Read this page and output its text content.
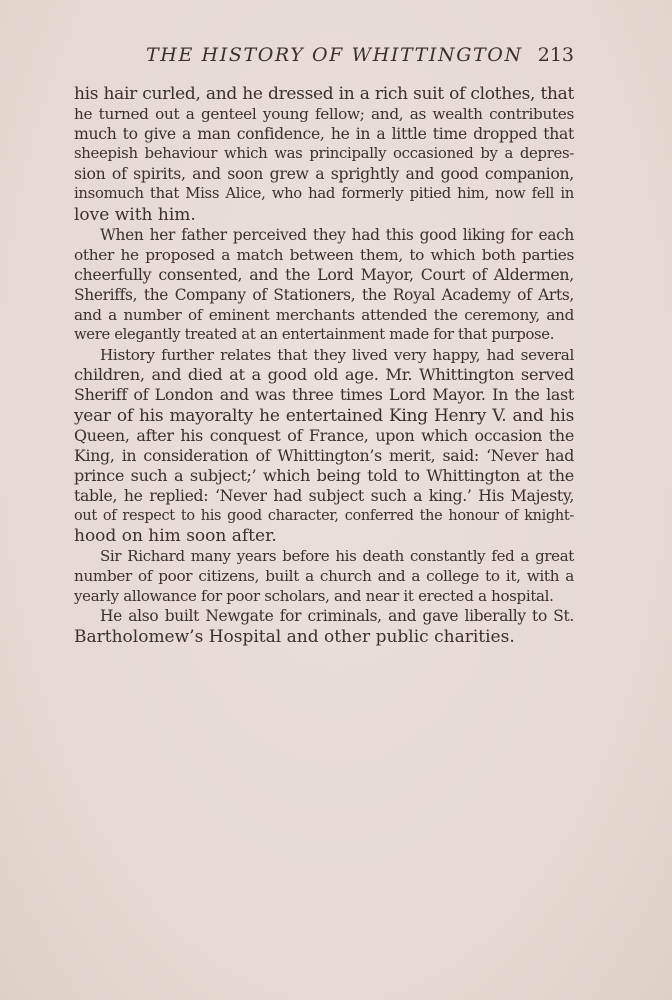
THE HISTORY OF WHITTINGTON 213
his hair curled, and he dressed in a rich suit of clothes, that
he turned out a genteel young fellow; and, as wealth contributes
much to give a man confidence, he in a little time dropped that
sheepish behaviour which was principally occasioned by a depres-
sion of spirits, and soon grew a sprightly and good companion,
insomuch that Miss Alice, who had formerly pitied him, now fell in
love with him.
When her father perceived they had this good liking for each
other he proposed a match between them, to which both parties
cheerfully consented, and the Lord Mayor, Court of Aldermen,
Sheriffs, the Company of Stationers, the Royal Academy of Arts,
and a number of eminent merchants attended the ceremony, and
were elegantly treated at an entertainment made for that purpose.
History further relates that they lived very happy, had several
children, and died at a good old age. Mr. Whittington served
Sheriff of London and was three times Lord Mayor. In the last
year of his mayoralty he entertained King Henry V. and his
Queen, after his conquest of France, upon which occasion the
King, in consideration of Whittington’s merit, said: ‘Never had
prince such a subject;’ which being told to Whittington at the
table, he replied: ‘Never had subject such a king.’ His Majesty,
out of respect to his good character, conferred the honour of knight-
hood on him soon after.
Sir Richard many years before his death constantly fed a great
number of poor citizens, built a church and a college to it, with a
yearly allowance for poor scholars, and near it erected a hospital.
He also built Newgate for criminals, and gave liberally to St.
Bartholomew’s Hospital and other public charities.
